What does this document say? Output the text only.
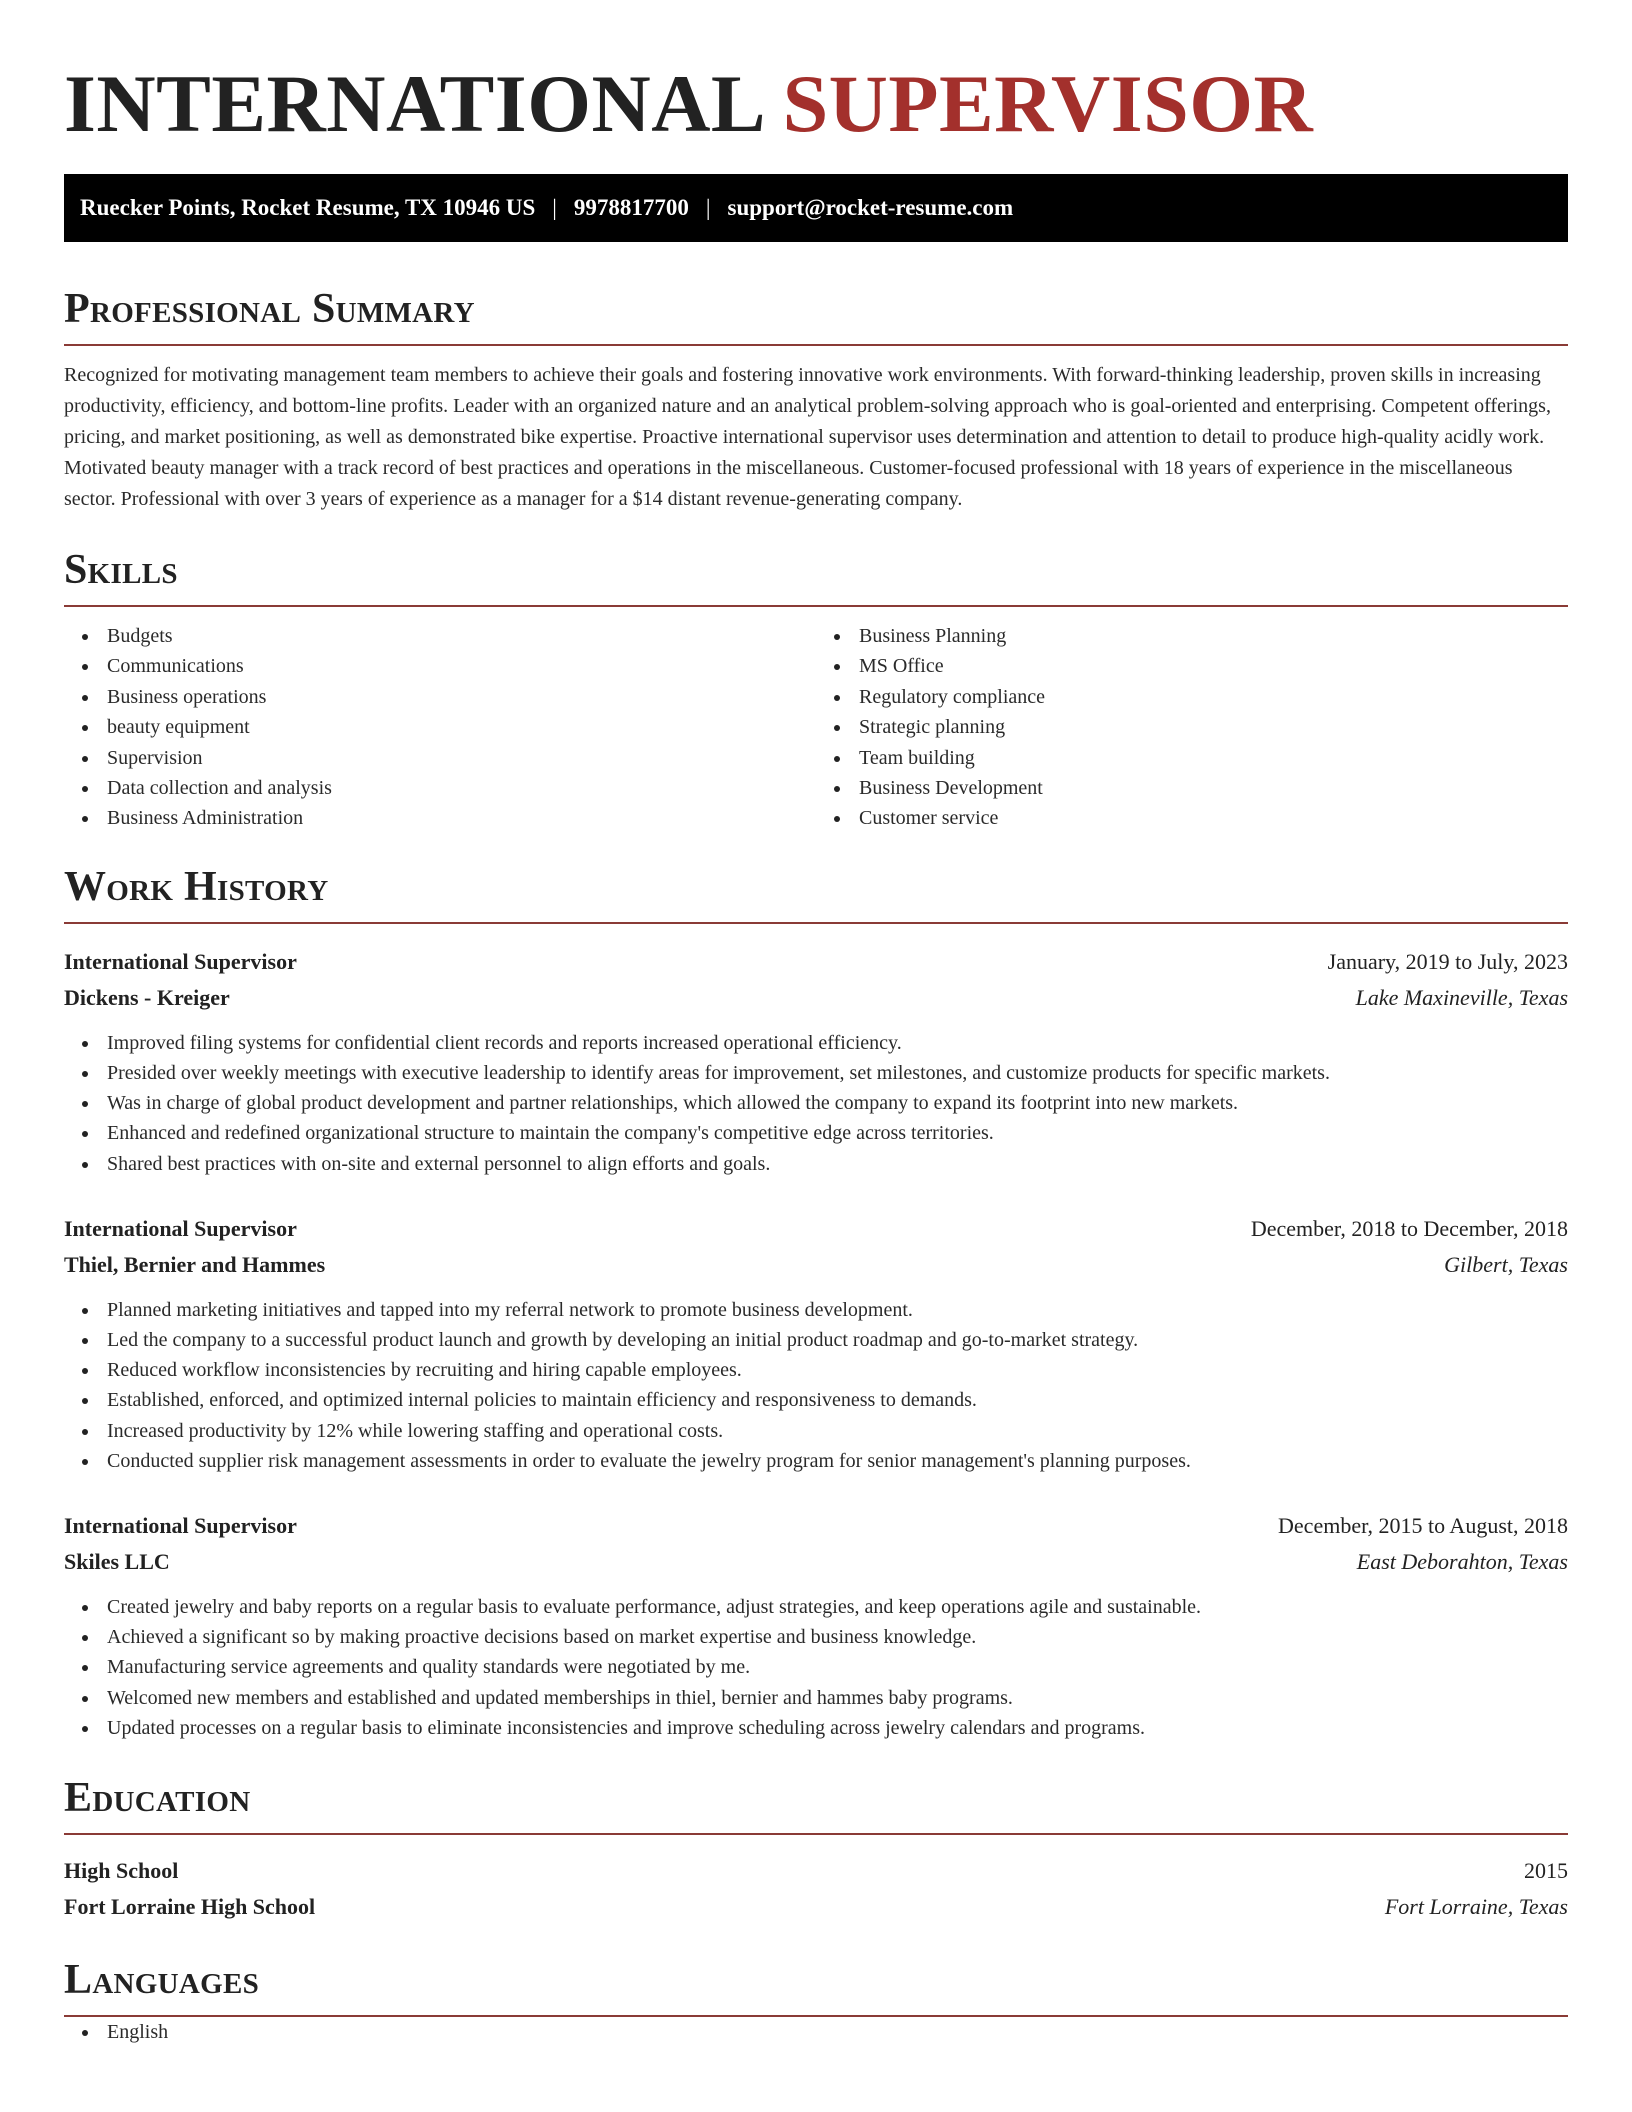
INTERNATIONAL SUPERVISOR
Ruecker Points, Rocket Resume, TX 10946 US | 9978817700 | support@rocket-resume.com
Professional Summary

Recognized for motivating management team members to achieve their goals and fostering innovative work environments. With forward-thinking leadership, proven skills in increasing productivity, efficiency, and bottom-line profits. Leader with an organized nature and an analytical problem-solving approach who is goal-oriented and enterprising. Competent offerings, pricing, and market positioning, as well as demonstrated bike expertise. Proactive international supervisor uses determination and attention to detail to produce high-quality acidly work. Motivated beauty manager with a track record of best practices and operations in the miscellaneous. Customer-focused professional with 18 years of experience in the miscellaneous sector. Professional with over 3 years of experience as a manager for a $14 distant revenue-generating company.

Skills
Budgets
Communications
Business operations
beauty equipment
Supervision
Data collection and analysis
Business Administration
Business Planning
MS Office
Regulatory compliance
Strategic planning
Team building
Business Development
Customer service
Work History
International Supervisor	January, 2019 to July, 2023
Dickens - Kreiger	Lake Maxineville, Texas
Improved filing systems for confidential client records and reports increased operational efficiency.
Presided over weekly meetings with executive leadership to identify areas for improvement, set milestones, and customize products for specific markets.
Was in charge of global product development and partner relationships, which allowed the company to expand its footprint into new markets.
Enhanced and redefined organizational structure to maintain the company's competitive edge across territories.
Shared best practices with on-site and external personnel to align efforts and goals.
International Supervisor	December, 2018 to December, 2018
Thiel, Bernier and Hammes	Gilbert, Texas
Planned marketing initiatives and tapped into my referral network to promote business development.
Led the company to a successful product launch and growth by developing an initial product roadmap and go-to-market strategy.
Reduced workflow inconsistencies by recruiting and hiring capable employees.
Established, enforced, and optimized internal policies to maintain efficiency and responsiveness to demands.
Increased productivity by 12% while lowering staffing and operational costs.
Conducted supplier risk management assessments in order to evaluate the jewelry program for senior management's planning purposes.
International Supervisor	December, 2015 to August, 2018
Skiles LLC	East Deborahton, Texas
Created jewelry and baby reports on a regular basis to evaluate performance, adjust strategies, and keep operations agile and sustainable.
Achieved a significant so by making proactive decisions based on market expertise and business knowledge.
Manufacturing service agreements and quality standards were negotiated by me.
Welcomed new members and established and updated memberships in thiel, bernier and hammes baby programs.
Updated processes on a regular basis to eliminate inconsistencies and improve scheduling across jewelry calendars and programs.
Education
High School	2015
Fort Lorraine High School	Fort Lorraine, Texas
Languages
English
